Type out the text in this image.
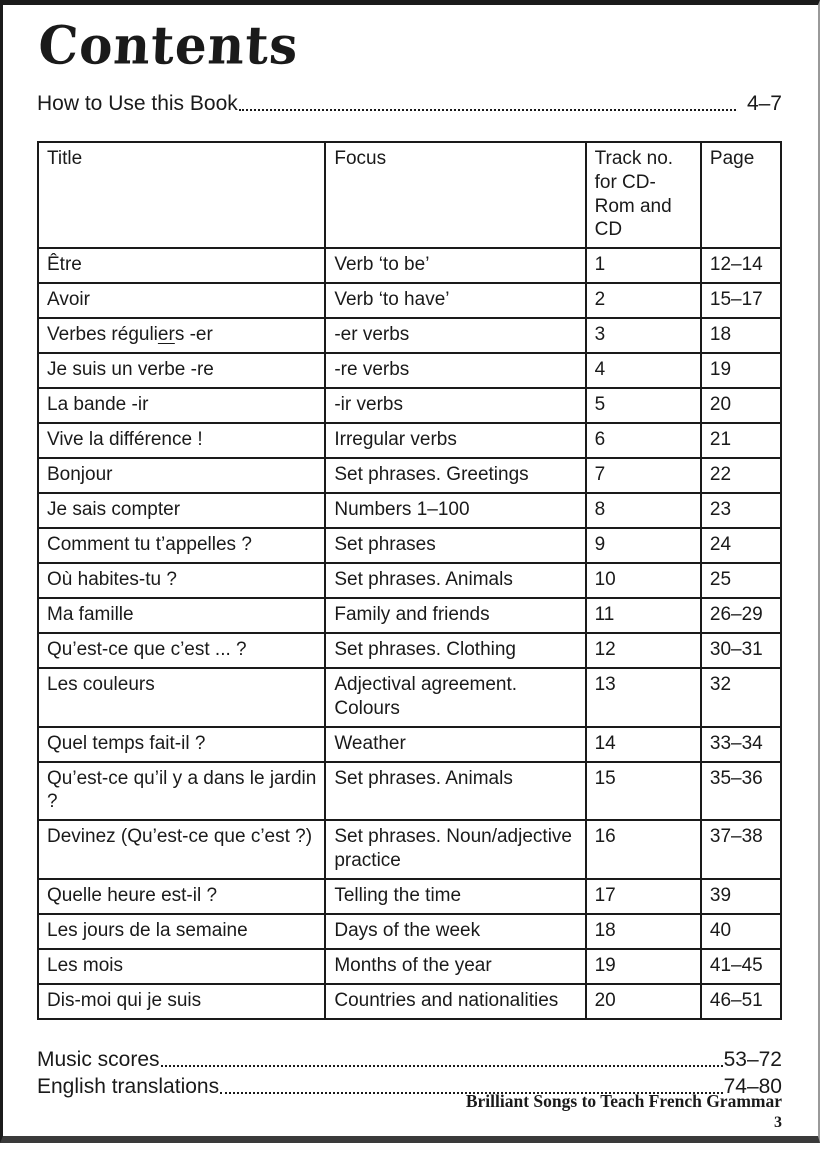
Contents
How to Use this Book	4–7
Title	Focus	Track no. for CD-Rom and CD	Page
Être	Verb ‘to be’	1	12–14
Avoir	Verb ‘to have’	2	15–17
Verbes réguliers -er	-er verbs	3	18
Je suis un verbe -re	-re verbs	4	19
La bande -ir	-ir verbs	5	20
Vive la différence !	Irregular verbs	6	21
Bonjour	Set phrases. Greetings	7	22
Je sais compter	Numbers 1–100	8	23
Comment tu t’appelles ?	Set phrases	9	24
Où habites-tu ?	Set phrases. Animals	10	25
Ma famille	Family and friends	11	26–29
Qu’est-ce que c’est ... ?	Set phrases. Clothing	12	30–31
Les couleurs	Adjectival agreement. Colours	13	32
Quel temps fait-il ?	Weather	14	33–34
Qu’est-ce qu’il y a dans le jardin ?	Set phrases. Animals	15	35–36
Devinez (Qu’est-ce que c’est ?)	Set phrases. Noun/adjective practice	16	37–38
Quelle heure est-il ?	Telling the time	17	39
Les jours de la semaine	Days of the week	18	40
Les mois	Months of the year	19	41–45
Dis-moi qui je suis	Countries and nationalities	20	46–51
Music scores	53–72
English translations	74–80
Brilliant Songs to Teach French Grammar
3
